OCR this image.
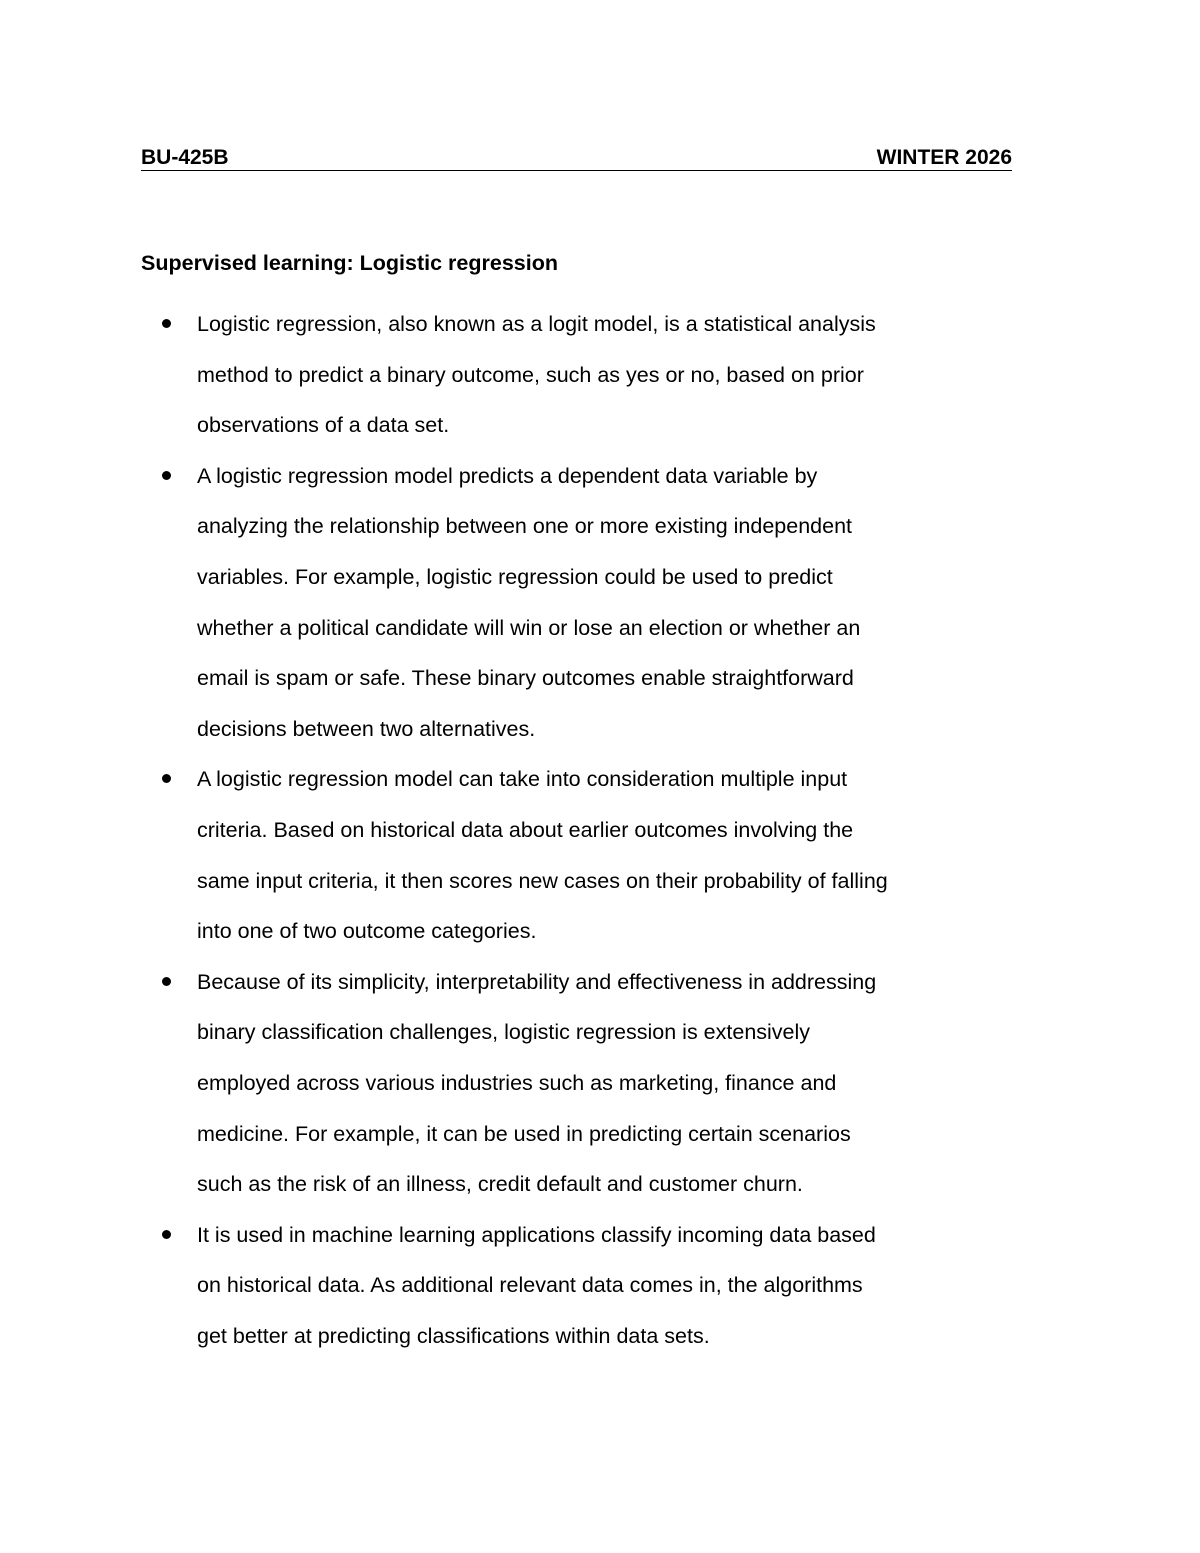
BU-425B	WINTER 2026
Supervised learning: Logistic regression
Logistic regression, also known as a logit model, is a statistical analysis
method to predict a binary outcome, such as yes or no, based on prior
observations of a data set.
A logistic regression model predicts a dependent data variable by
analyzing the relationship between one or more existing independent
variables. For example, logistic regression could be used to predict
whether a political candidate will win or lose an election or whether an
email is spam or safe. These binary outcomes enable straightforward
decisions between two alternatives.
A logistic regression model can take into consideration multiple input
criteria. Based on historical data about earlier outcomes involving the
same input criteria, it then scores new cases on their probability of falling
into one of two outcome categories.
Because of its simplicity, interpretability and effectiveness in addressing
binary classification challenges, logistic regression is extensively
employed across various industries such as marketing, finance and
medicine. For example, it can be used in predicting certain scenarios
such as the risk of an illness, credit default and customer churn.
It is used in machine learning applications classify incoming data based
on historical data. As additional relevant data comes in, the algorithms
get better at predicting classifications within data sets.
